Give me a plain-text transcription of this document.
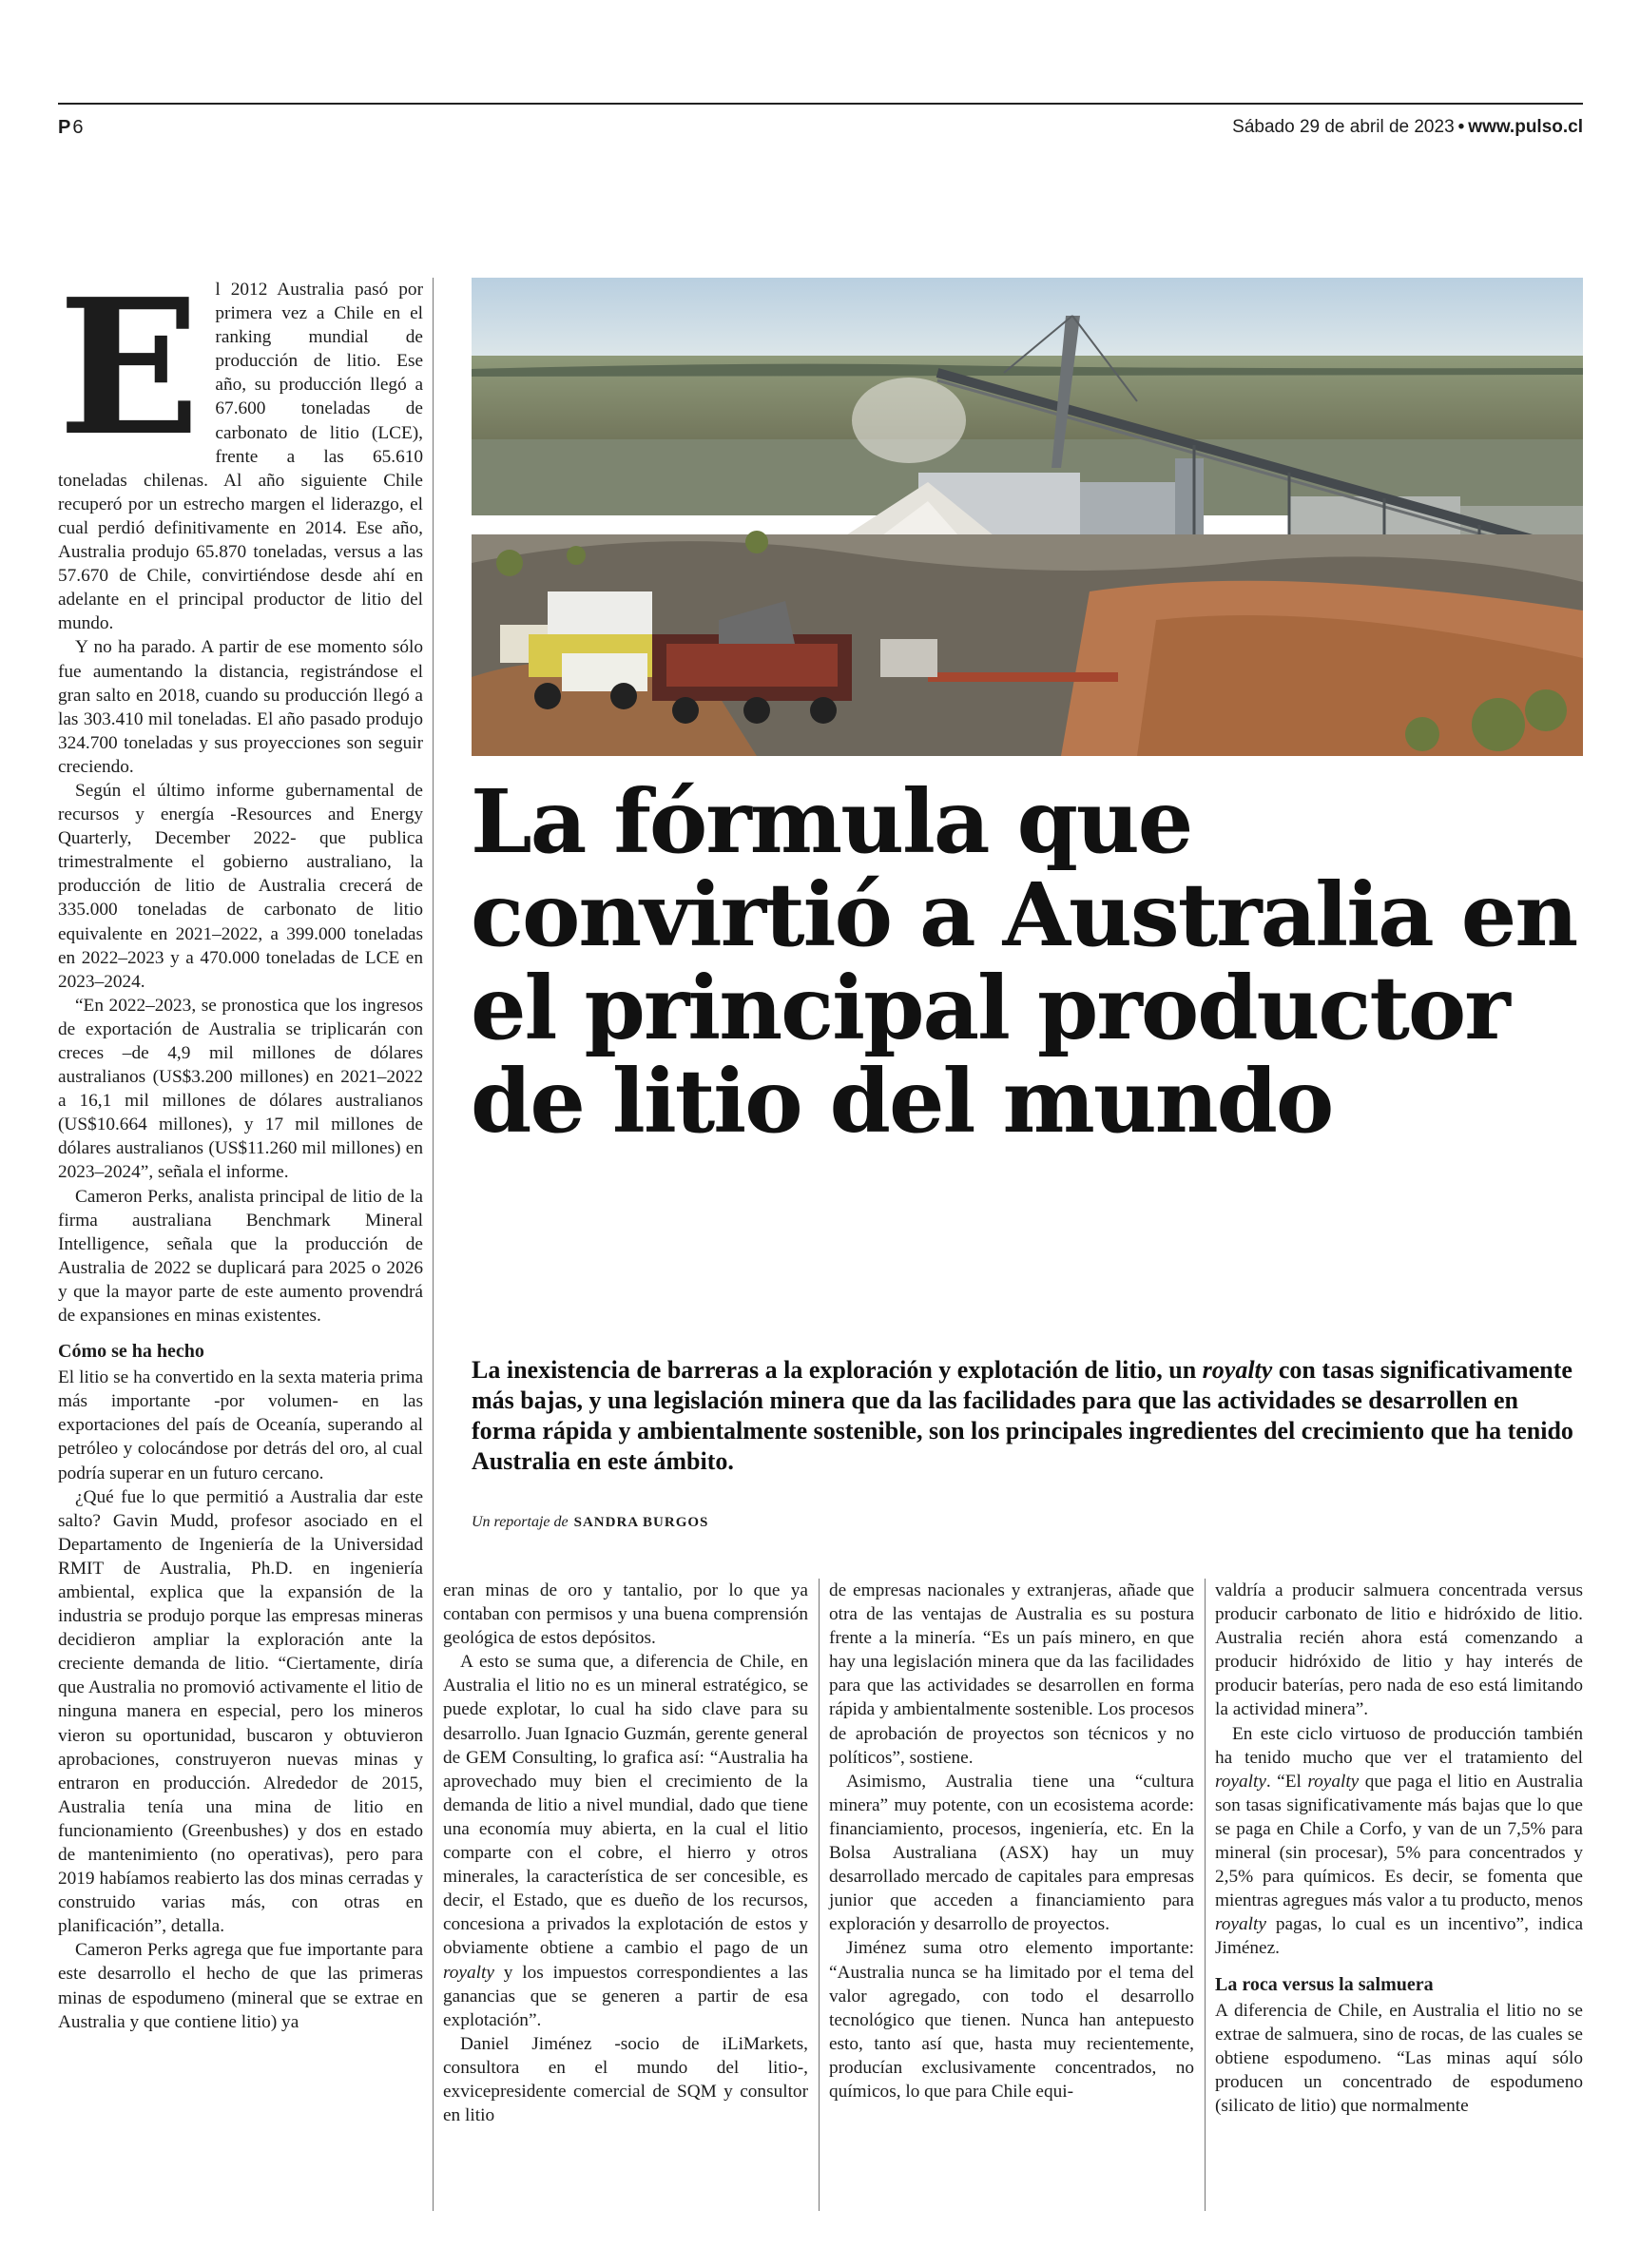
P 6	Sábado 29 de abril de 2023 • www.pulso.cl
E l 2012 Australia pasó por primera vez a Chile en el ranking mundial de producción de litio. Ese año, su producción llegó a 67.600 toneladas de carbonato de litio (LCE), frente a las 65.610 toneladas chilenas. Al año siguiente Chile recuperó por un estrecho margen el liderazgo, el cual perdió definitivamente en 2014. Ese año, Australia produjo 65.870 toneladas, versus a las 57.670 de Chile, convirtiéndose desde ahí en adelante en el principal productor de litio del mundo.

Y no ha parado. A partir de ese momento sólo fue aumentando la distancia, registrándose el gran salto en 2018, cuando su producción llegó a las 303.410 mil toneladas. El año pasado produjo 324.700 toneladas y sus proyecciones son seguir creciendo.

Según el último informe gubernamental de recursos y energía -Resources and Energy Quarterly, December 2022- que publica trimestralmente el gobierno australiano, la producción de litio de Australia crecerá de 335.000 toneladas de carbonato de litio equivalente en 2021–2022, a 399.000 toneladas en 2022–2023 y a 470.000 toneladas de LCE en 2023–2024.

“En 2022–2023, se pronostica que los ingresos de exportación de Australia se triplicarán con creces –de 4,9 mil millones de dólares australianos (US$3.200 millones) en 2021–2022 a 16,1 mil millones de dólares australianos (US$10.664 millones), y 17 mil millones de dólares australianos (US$11.260 mil millones) en 2023–2024”, señala el informe.

Cameron Perks, analista principal de litio de la firma australiana Benchmark Mineral Intelligence, señala que la producción de Australia de 2022 se duplicará para 2025 o 2026 y que la mayor parte de este aumento provendrá de expansiones en minas existentes.

Cómo se ha hecho

El litio se ha convertido en la sexta materia prima más importante -por volumen- en las exportaciones del país de Oceanía, superando al petróleo y colocándose por detrás del oro, al cual podría superar en un futuro cercano.

¿Qué fue lo que permitió a Australia dar este salto? Gavin Mudd, profesor asociado en el Departamento de Ingeniería de la Universidad RMIT de Australia, Ph.D. en ingeniería ambiental, explica que la expansión de la industria se produjo porque las empresas mineras decidieron ampliar la exploración ante la creciente demanda de litio. “Ciertamente, diría que Australia no promovió activamente el litio de ninguna manera en especial, pero los mineros vieron su oportunidad, buscaron y obtuvieron aprobaciones, construyeron nuevas minas y entraron en producción. Alrededor de 2015, Australia tenía una mina de litio en funcionamiento (Greenbushes) y dos en estado de mantenimiento (no operativas), pero para 2019 habíamos reabierto las dos minas cerradas y construido varias más, con otras en planificación”, detalla.

Cameron Perks agrega que fue importante para este desarrollo el hecho de que las primeras minas de espodumeno (mineral que se extrae en Australia y que contiene litio) ya

La fórmula que convirtió a Australia en el principal productor de litio del mundo

La inexistencia de barreras a la exploración y explotación de litio, un royalty con tasas significativamente más bajas, y una legislación minera que da las facilidades para que las actividades se desarrollen en forma rápida y ambientalmente sostenible, son los principales ingredientes del crecimiento que ha tenido Australia en este ámbito.

Un reportaje de SANDRA BURGOS

eran minas de oro y tantalio, por lo que ya contaban con permisos y una buena comprensión geológica de estos depósitos.

A esto se suma que, a diferencia de Chile, en Australia el litio no es un mineral estratégico, se puede explotar, lo cual ha sido clave para su desarrollo. Juan Ignacio Guzmán, gerente general de GEM Consulting, lo grafica así: “Australia ha aprovechado muy bien el crecimiento de la demanda de litio a nivel mundial, dado que tiene una economía muy abierta, en la cual el litio comparte con el cobre, el hierro y otros minerales, la característica de ser concesible, es decir, el Estado, que es dueño de los recursos, concesiona a privados la explotación de estos y obviamente obtiene a cambio el pago de un royalty y los impuestos correspondientes a las ganancias que se generen a partir de esa explotación”.

Daniel Jiménez -socio de iLiMarkets, consultora en el mundo del litio-, exvicepresidente comercial de SQM y consultor en litio

de empresas nacionales y extranjeras, añade que otra de las ventajas de Australia es su postura frente a la minería. “Es un país minero, en que hay una legislación minera que da las facilidades para que las actividades se desarrollen en forma rápida y ambientalmente sostenible. Los procesos de aprobación de proyectos son técnicos y no políticos”, sostiene.

Asimismo, Australia tiene una “cultura minera” muy potente, con un ecosistema acorde: financiamiento, procesos, ingeniería, etc. En la Bolsa Australiana (ASX) hay un muy desarrollado mercado de capitales para empresas junior que acceden a financiamiento para exploración y desarrollo de proyectos.

Jiménez suma otro elemento importante: “Australia nunca se ha limitado por el tema del valor agregado, con todo el desarrollo tecnológico que tienen. Nunca han antepuesto esto, tanto así que, hasta muy recientemente, producían exclusivamente concentrados, no químicos, lo que para Chile equi-

valdría a producir salmuera concentrada versus producir carbonato de litio e hidróxido de litio. Australia recién ahora está comenzando a producir hidróxido de litio y hay interés de producir baterías, pero nada de eso está limitando la actividad minera”.

En este ciclo virtuoso de producción también ha tenido mucho que ver el tratamiento del royalty. “El royalty que paga el litio en Australia son tasas significativamente más bajas que lo que se paga en Chile a Corfo, y van de un 7,5% para mineral (sin procesar), 5% para concentrados y 2,5% para químicos. Es decir, se fomenta que mientras agregues más valor a tu producto, menos royalty pagas, lo cual es un incentivo”, indica Jiménez.

La roca versus la salmuera

A diferencia de Chile, en Australia el litio no se extrae de salmuera, sino de rocas, de las cuales se obtiene espodumeno. “Las minas aquí sólo producen un concentrado de espodumeno (silicato de litio) que normalmente
